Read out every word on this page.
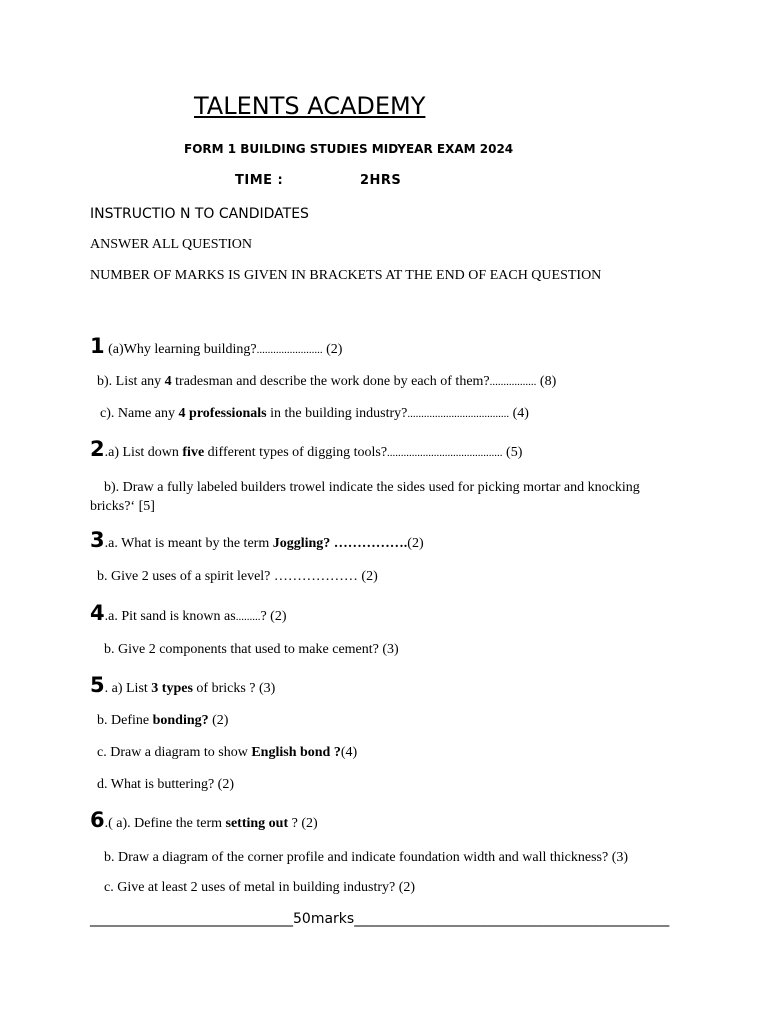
TALENTS ACADEMY
FORM 1 BUILDING STUDIES MIDYEAR EXAM 2024
TIME :	2HRS
INSTRUCTIO N TO CANDIDATES
ANSWER ALL QUESTION
NUMBER OF MARKS IS GIVEN IN BRACKETS AT THE END OF EACH QUESTION
1 (a)Why learning building?........................ (2)
b). List any 4 tradesman and describe the work done by each of them?................. (8)
c). Name any 4 professionals in the building industry?..................................... (4)
2.a) List down five different types of digging tools?.......................................... (5)
b). Draw a fully labeled builders trowel indicate the sides used for picking mortar and knocking bricks?‘ [5]
3.a. What is meant by the term Joggling? …………….(2)
b. Give 2 uses of a spirit level? ……………… (2)
4.a. Pit sand is known as.........? (2)
b. Give 2 components that used to make cement? (3)
5. a) List 3 types of bricks ? (3)
b. Define bonding? (2)
c. Draw a diagram to show English bond ?(4)
d. What is buttering? (2)
6.( a). Define the term setting out ? (2)
b. Draw a diagram of the corner profile and indicate foundation width and wall thickness? (3)
c. Give at least 2 uses of metal in building industry? (2)
_____________________________50marks_____________________________________________
